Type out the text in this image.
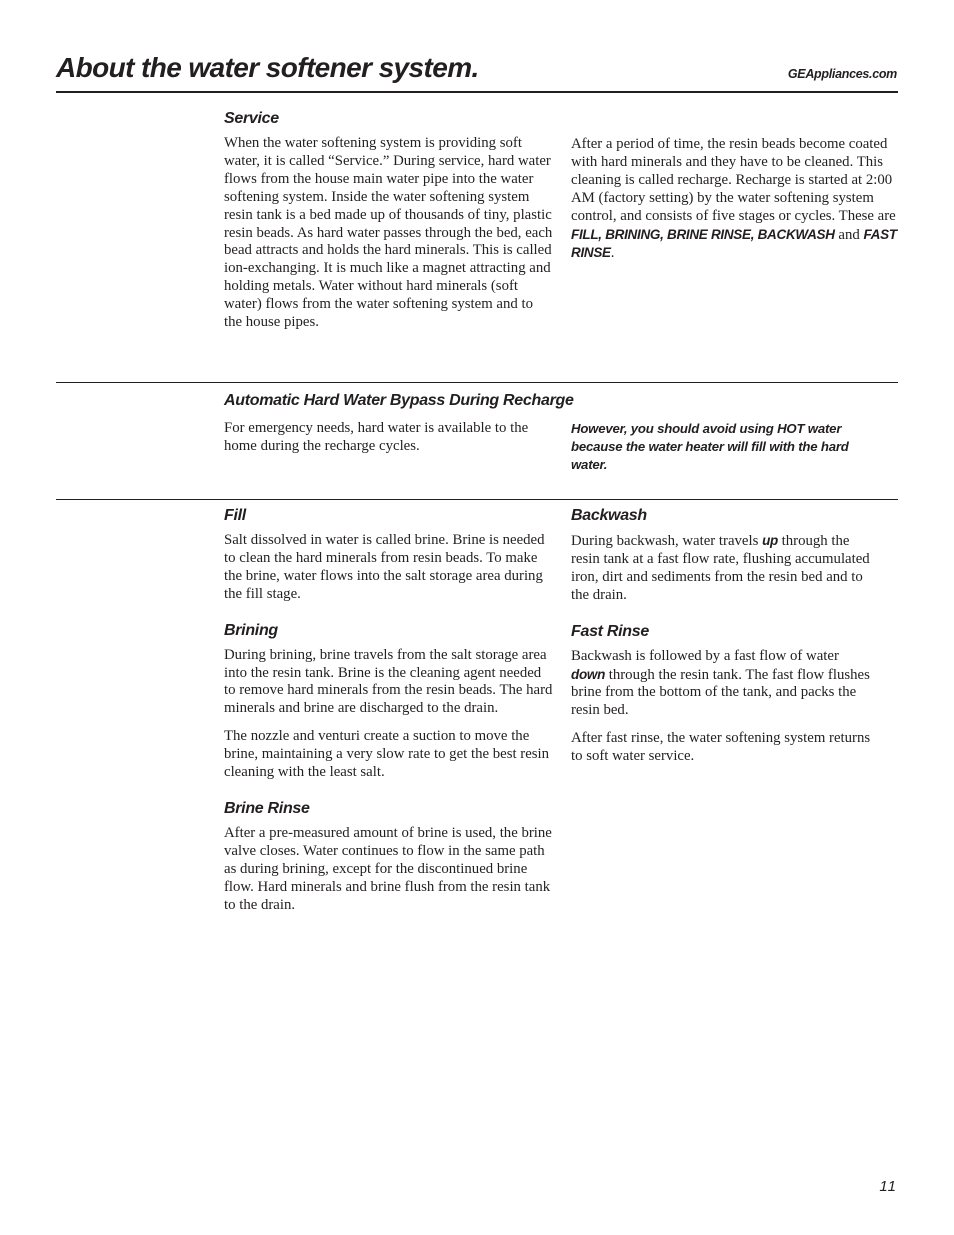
About the water softener system.	GEAppliances.com
Service

When the water softening system is providing soft water, it is called “Service.” During service, hard water flows from the house main water pipe into the water softening system. Inside the water softening system resin tank is a bed made up of thousands of tiny, plastic resin beads. As hard water passes through the bed, each bead attracts and holds the hard minerals. This is called ion-exchanging. It is much like a magnet attracting and holding metals. Water without hard minerals (soft water) flows from the water softening system and to the house pipes.

After a period of time, the resin beads become coated with hard minerals and they have to be cleaned. This cleaning is called recharge. Recharge is started at 2:00 AM (factory setting) by the water softening system control, and consists of five stages or cycles. These are FILL, BRINING, BRINE RINSE, BACKWASH and FAST RINSE.

Automatic Hard Water Bypass During Recharge

For emergency needs, hard water is available to the home during the recharge cycles.

However, you should avoid using HOT water because the water heater will fill with the hard water.

Fill

Salt dissolved in water is called brine. Brine is needed to clean the hard minerals from resin beads. To make the brine, water flows into the salt storage area during the fill stage.

Brining

During brining, brine travels from the salt storage area into the resin tank. Brine is the cleaning agent needed to remove hard minerals from the resin beads. The hard minerals and brine are discharged to the drain.

The nozzle and venturi create a suction to move the brine, maintaining a very slow rate to get the best resin cleaning with the least salt.

Brine Rinse

After a pre-measured amount of brine is used, the brine valve closes. Water continues to flow in the same path as during brining, except for the discontinued brine flow. Hard minerals and brine flush from the resin tank to the drain.

Backwash

During backwash, water travels up through the resin tank at a fast flow rate, flushing accumulated iron, dirt and sediments from the resin bed and to the drain.

Fast Rinse

Backwash is followed by a fast flow of water down through the resin tank. The fast flow flushes brine from the bottom of the tank, and packs the resin bed.

After fast rinse, the water softening system returns to soft water service.

11
